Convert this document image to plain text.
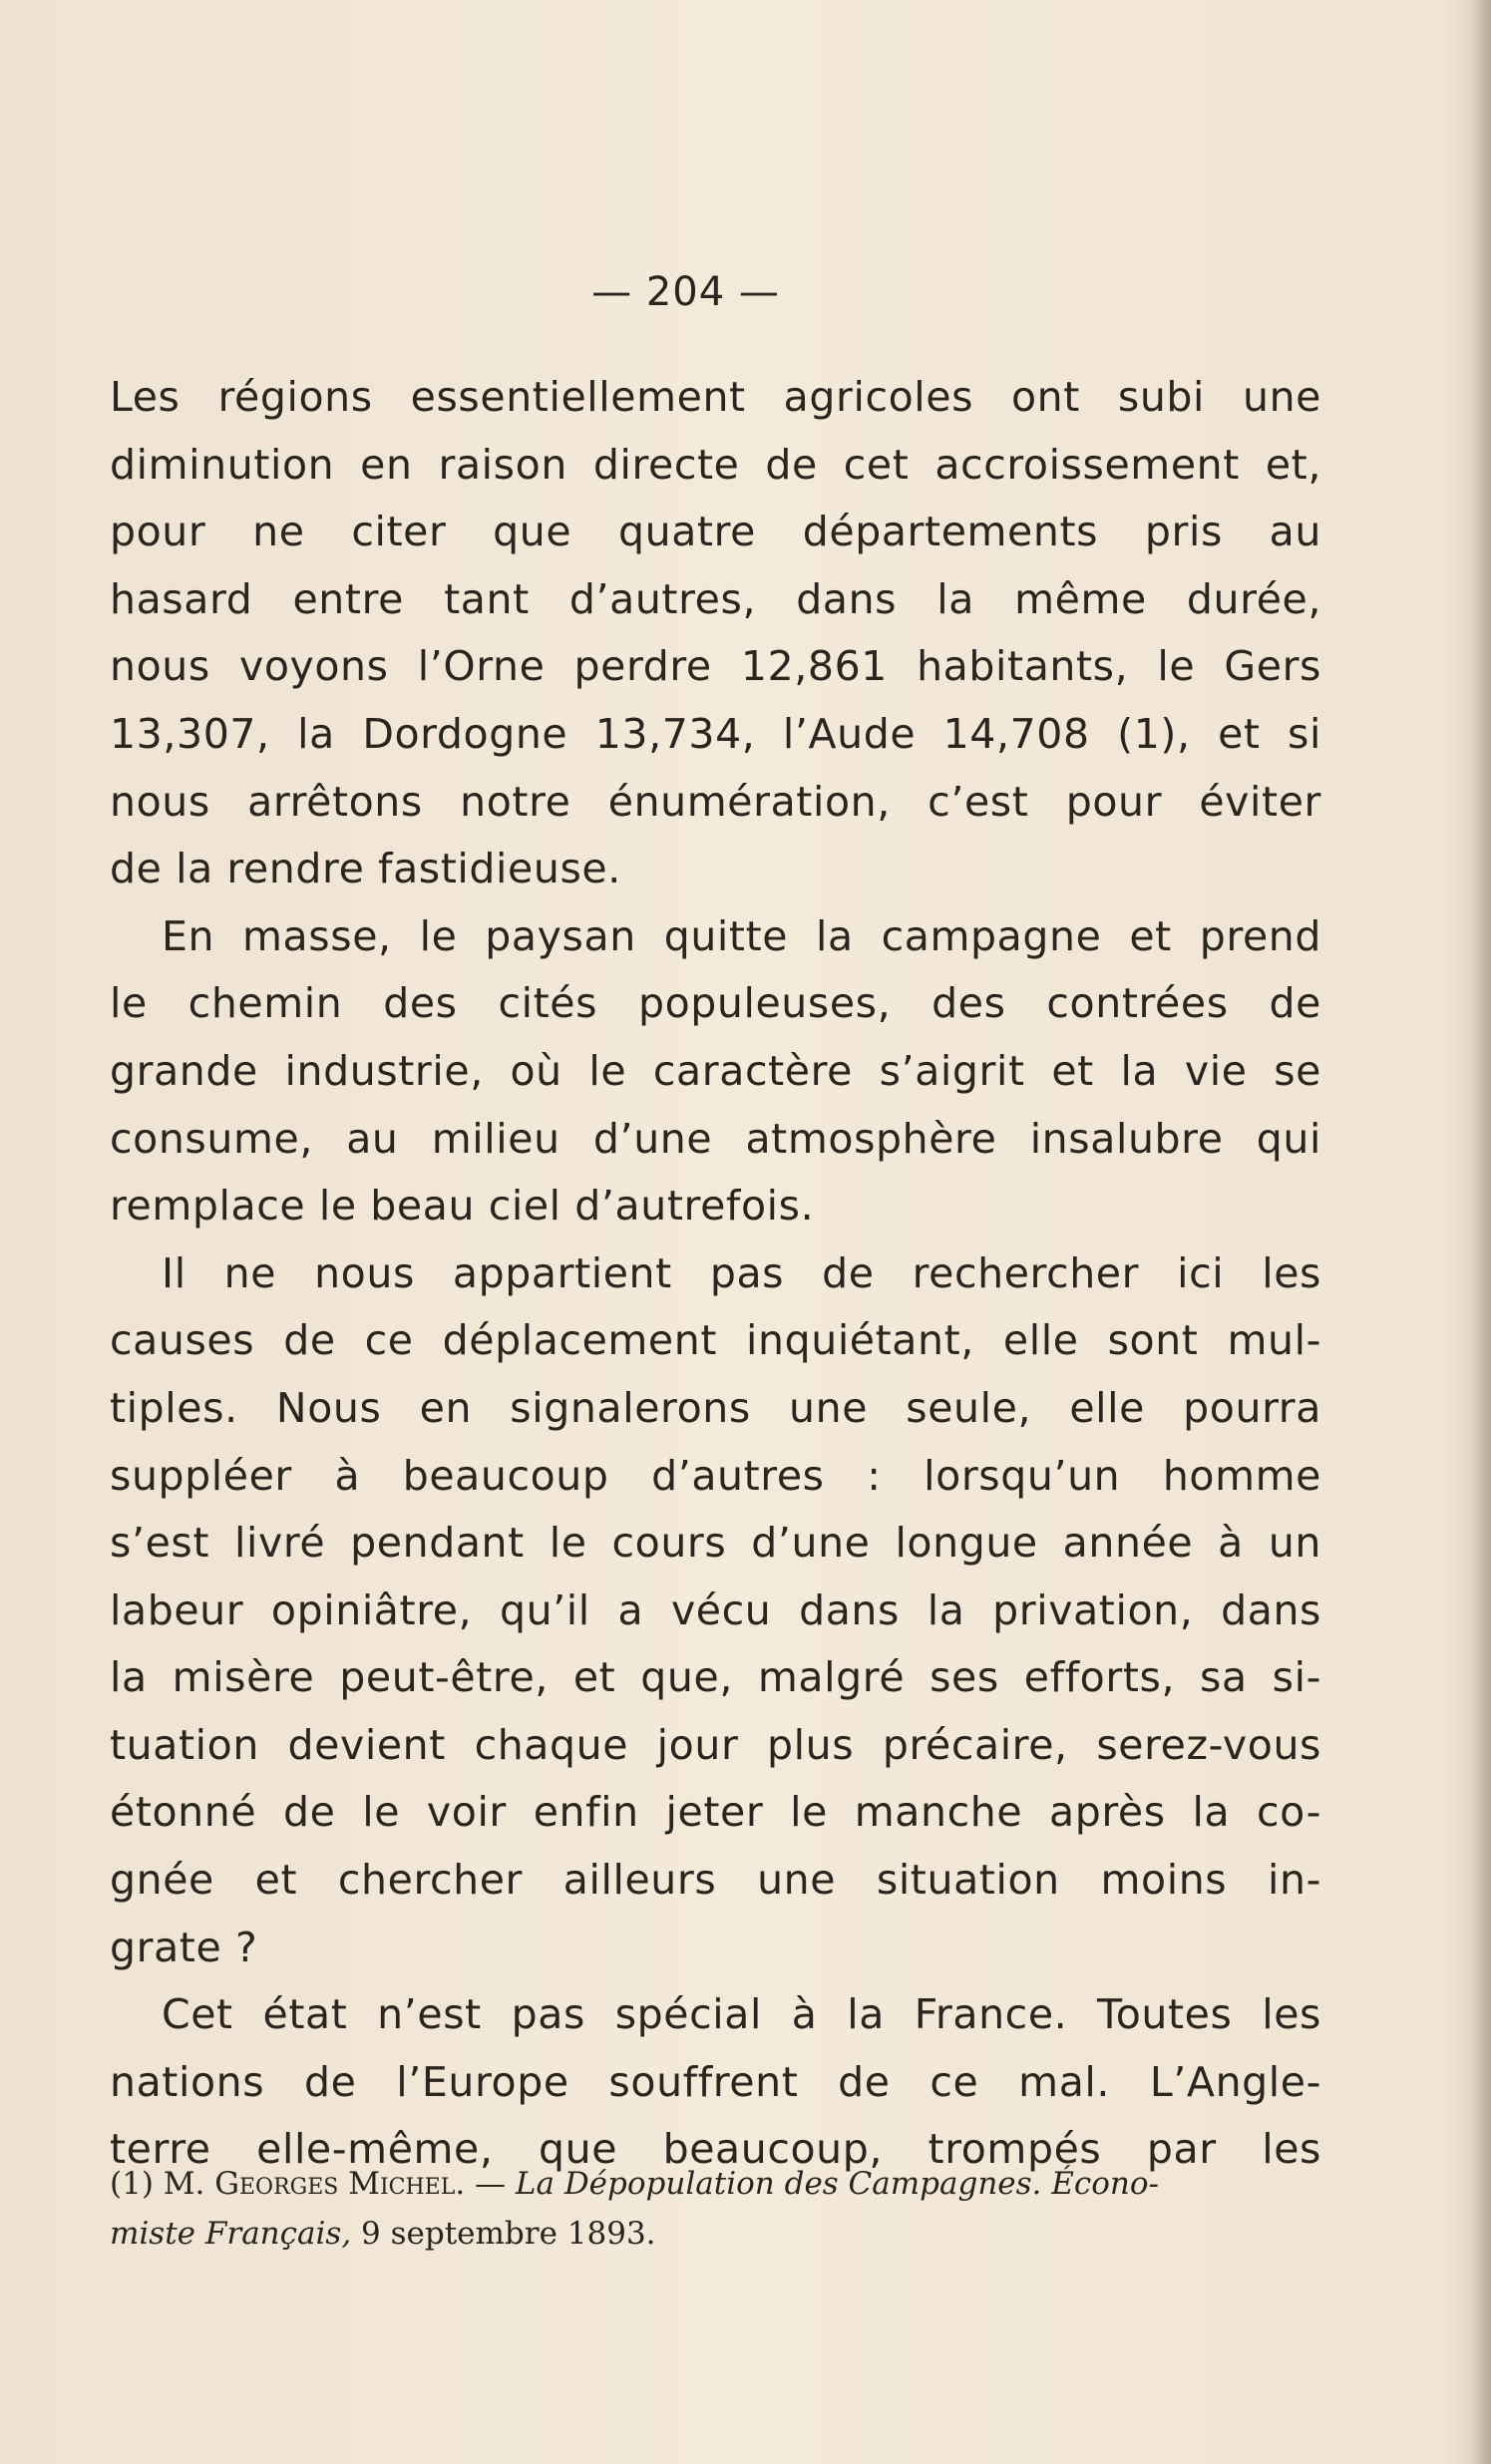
— 204 —
Les régions essentiellement agricoles ont subi une
diminution en raison directe de cet accroissement et,
pour ne citer que quatre départements pris au
hasard entre tant d’autres, dans la même durée,
nous voyons l’Orne perdre 12,861 habitants, le Gers
13,307, la Dordogne 13,734, l’Aude 14,708 (1), et si
nous arrêtons notre énumération, c’est pour éviter
de la rendre fastidieuse.
En masse, le paysan quitte la campagne et prend
le chemin des cités populeuses, des contrées de
grande industrie, où le caractère s’aigrit et la vie se
consume, au milieu d’une atmosphère insalubre qui
remplace le beau ciel d’autrefois.
Il ne nous appartient pas de rechercher ici les
causes de ce déplacement inquiétant, elle sont mul-
tiples. Nous en signalerons une seule, elle pourra
suppléer à beaucoup d’autres : lorsqu’un homme
s’est livré pendant le cours d’une longue année à un
labeur opiniâtre, qu’il a vécu dans la privation, dans
la misère peut-être, et que, malgré ses efforts, sa si-
tuation devient chaque jour plus précaire, serez-vous
étonné de le voir enfin jeter le manche après la co-
gnée et chercher ailleurs une situation moins in-
grate ?
Cet état n’est pas spécial à la France. Toutes les
nations de l’Europe souffrent de ce mal. L’Angle-
terre elle-même, que beaucoup, trompés par les
(1) M. Georges Michel. — La Dépopulation des Campagnes. Écono-
miste Français, 9 septembre 1893.
